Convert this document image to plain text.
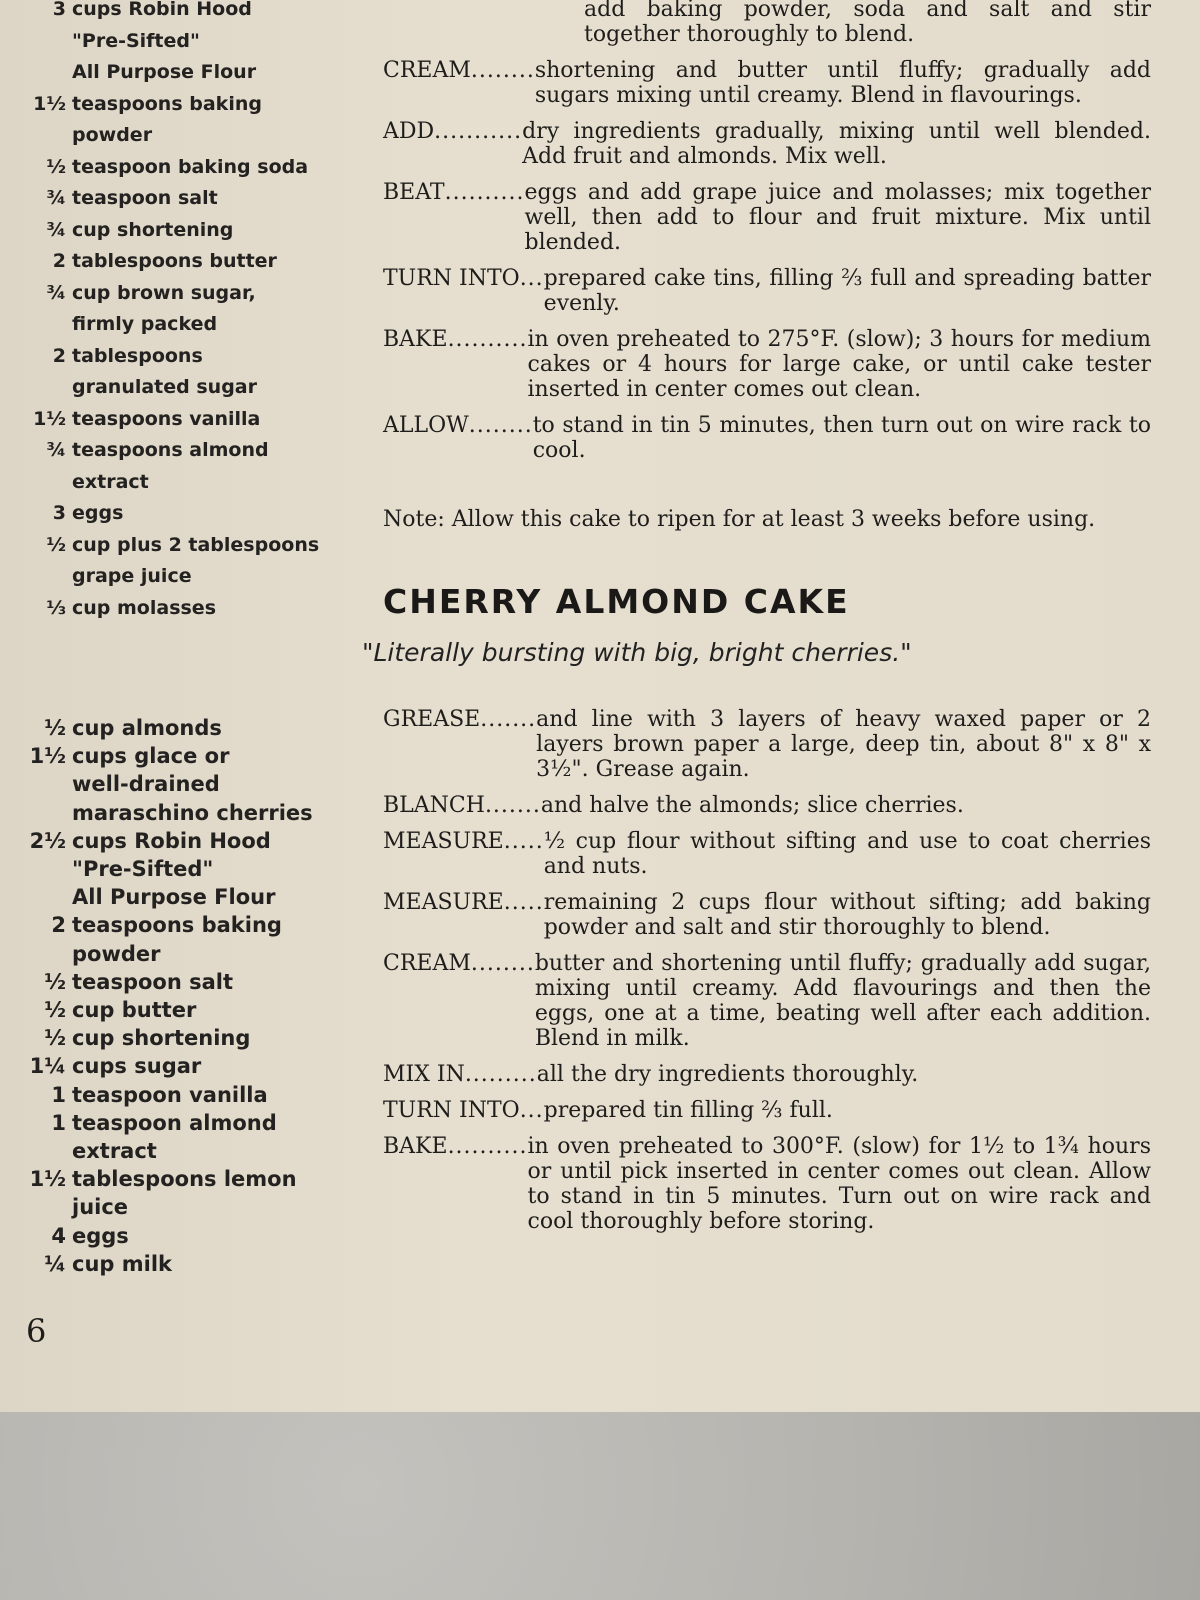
3 cups Robin Hood
"Pre-Sifted"
All Purpose Flour
1½ teaspoons baking powder
½ teaspoon baking soda
¾ teaspoon salt
¾ cup shortening
2 tablespoons butter
¾ cup brown sugar,
firmly packed
2 tablespoons
granulated sugar
1½ teaspoons vanilla
¾ teaspoons almond extract
3 eggs
½ cup plus 2 tablespoons
grape juice
⅓ cup molasses
add baking powder, soda and salt and stir together thoroughly to blend.
CREAM ........ shortening and butter until fluffy; gradually add sugars mixing until creamy. Blend in flavourings.
ADD ........... dry ingredients gradually, mixing until well blended. Add fruit and almonds. Mix well.
BEAT .......... eggs and add grape juice and molasses; mix together well, then add to flour and fruit mixture. Mix until blended.
TURN INTO ... prepared cake tins, filling ⅔ full and spreading batter evenly.
BAKE .......... in oven preheated to 275°F. (slow); 3 hours for medium cakes or 4 hours for large cake, or until cake tester inserted in center comes out clean.
ALLOW ........ to stand in tin 5 minutes, then turn out on wire rack to cool.
Note: Allow this cake to ripen for at least 3 weeks before using.
CHERRY ALMOND CAKE

"Literally bursting with big, bright cherries."

½ cup almonds
1½ cups glace or
well-drained
maraschino cherries
2½ cups Robin Hood
"Pre-Sifted"
All Purpose Flour
2 teaspoons baking
powder
½ teaspoon salt
½ cup butter
½ cup shortening
1¼ cups sugar
1 teaspoon vanilla
1 teaspoon almond
extract
1½ tablespoons lemon
juice
4 eggs
¼ cup milk
GREASE ....... and line with 3 layers of heavy waxed paper or 2 layers brown paper a large, deep tin, about 8" x 8" x 3½". Grease again.
BLANCH ....... and halve the almonds; slice cherries.
MEASURE ..... ½ cup flour without sifting and use to coat cherries and nuts.
MEASURE ..... remaining 2 cups flour without sifting; add baking powder and salt and stir thoroughly to blend.
CREAM ........ butter and shortening until fluffy; gradually add sugar, mixing until creamy. Add flavourings and then the eggs, one at a time, beating well after each addition. Blend in milk.
MIX IN ......... all the dry ingredients thoroughly.
TURN INTO ... prepared tin filling ⅔ full.
BAKE .......... in oven preheated to 300°F. (slow) for 1½ to 1¾ hours or until pick inserted in center comes out clean. Allow to stand in tin 5 minutes. Turn out on wire rack and cool thoroughly before storing.
6
